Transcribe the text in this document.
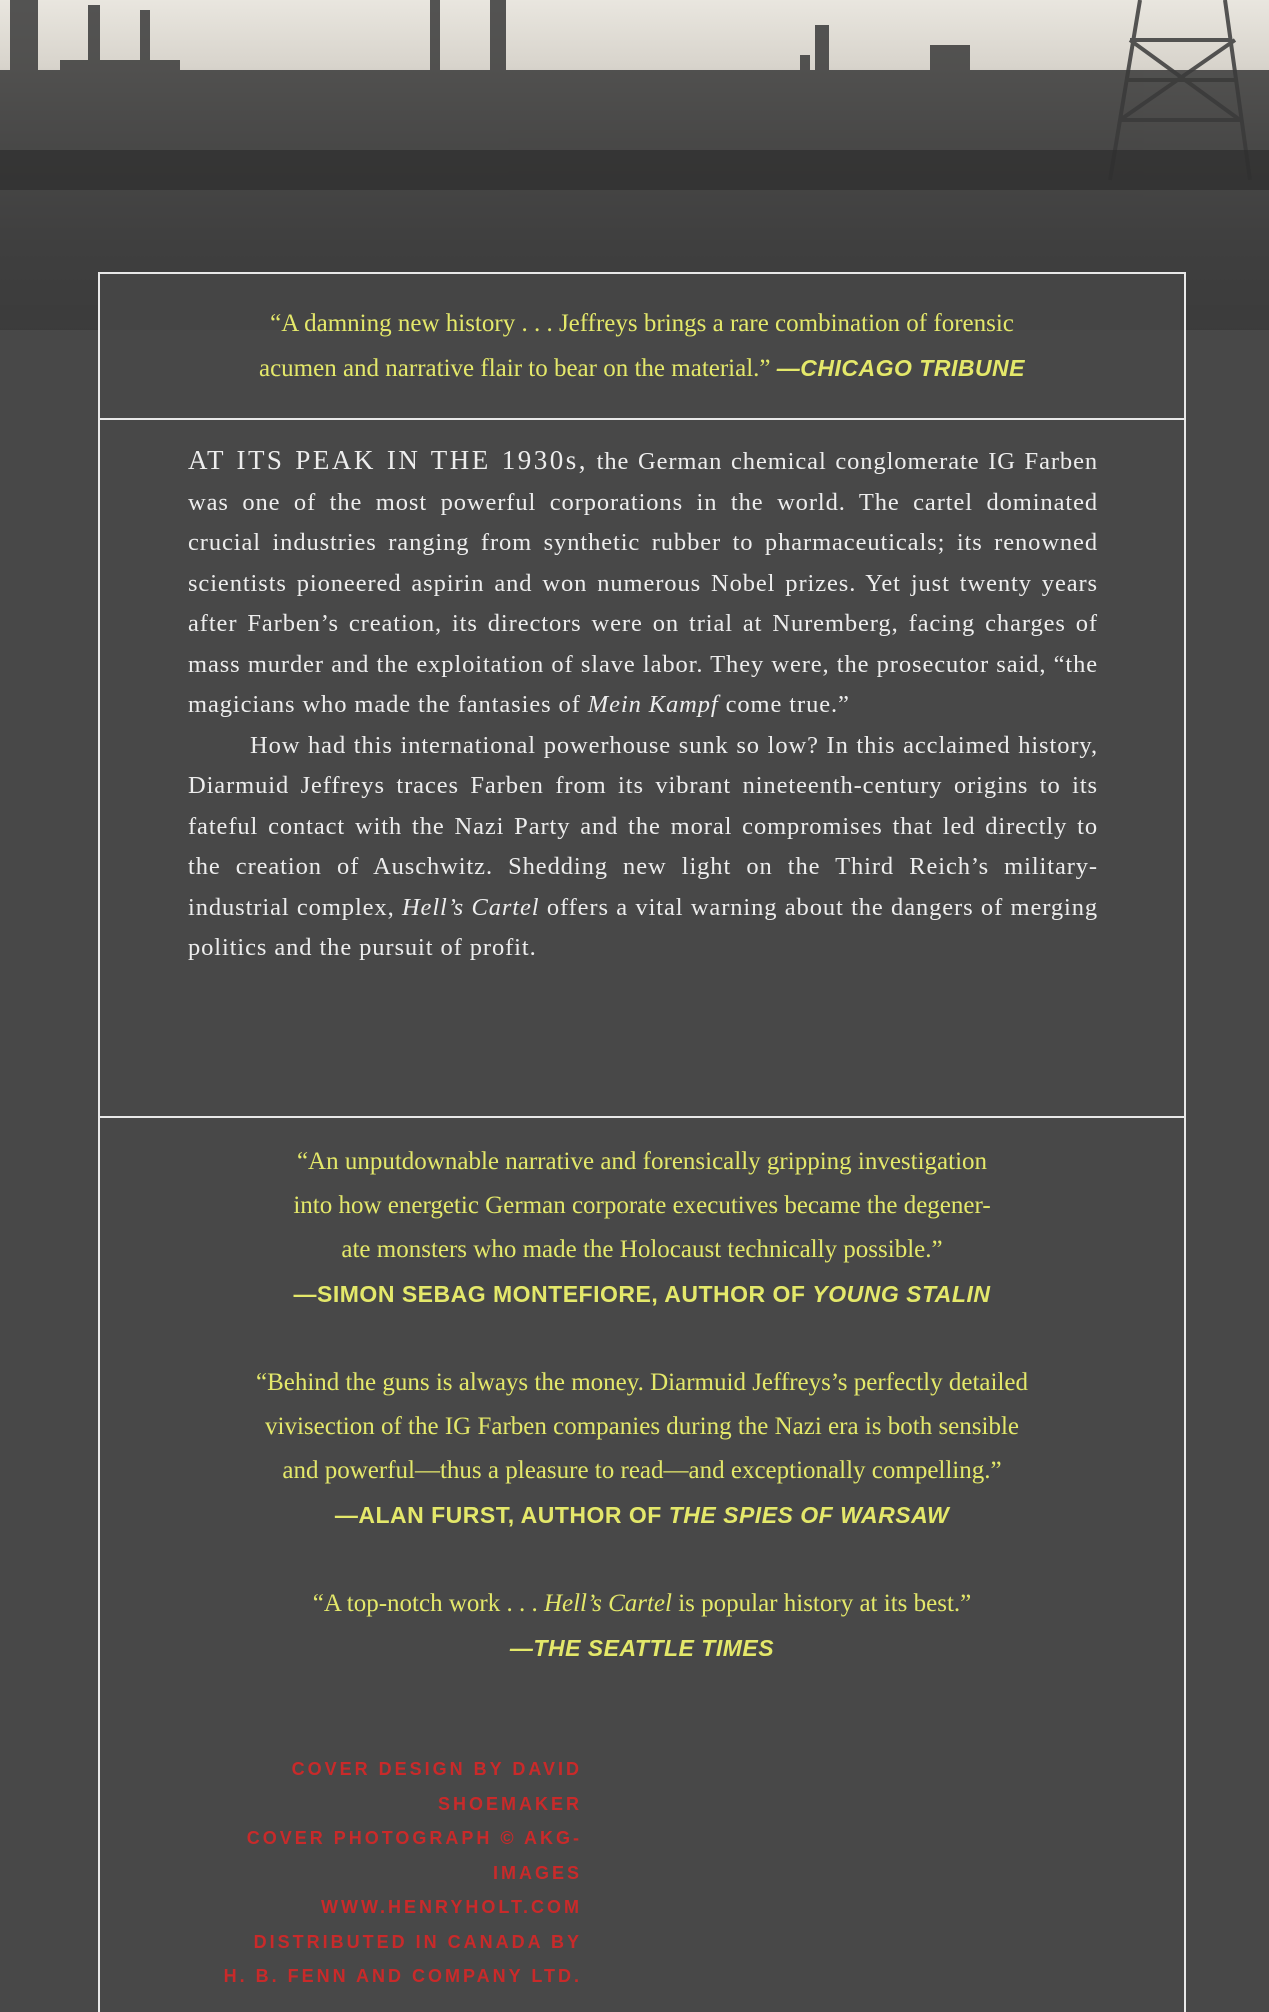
“A damning new history . . . Jeffreys brings a rare combination of forensic
acumen and narrative flair to bear on the material.” —CHICAGO TRIBUNE

AT ITS PEAK IN THE 1930s, the German chemical conglomerate IG Farben was one of the most powerful corporations in the world. The cartel dominated crucial industries ranging from synthetic rubber to pharmaceuticals; its renowned scientists pioneered aspirin and won numerous Nobel prizes. Yet just twenty years after Farben’s creation, its directors were on trial at Nuremberg, facing charges of mass murder and the exploitation of slave labor. They were, the prosecutor said, “the magicians who made the fantasies of Mein Kampf come true.”

How had this international powerhouse sunk so low? In this acclaimed history, Diarmuid Jeffreys traces Farben from its vibrant nineteenth-century origins to its fateful contact with the Nazi Party and the moral compromises that led directly to the creation of Auschwitz. Shedding new light on the Third Reich’s military-industrial complex, Hell’s Cartel offers a vital warning about the dangers of merging politics and the pursuit of profit.

“An unputdownable narrative and forensically gripping investigation
into how energetic German corporate executives became the degener-
ate monsters who made the Holocaust technically possible.”
—SIMON SEBAG MONTEFIORE, AUTHOR OF YOUNG STALIN
“Behind the guns is always the money. Diarmuid Jeffreys’s perfectly detailed
vivisection of the IG Farben companies during the Nazi era is both sensible
and powerful—thus a pleasure to read—and exceptionally compelling.”
—ALAN FURST, AUTHOR OF THE SPIES OF WARSAW
“A top-notch work . . . Hell’s Cartel is popular history at its best.”
—THE SEATTLE TIMES
COVER DESIGN BY DAVID SHOEMAKER
COVER PHOTOGRAPH © AKG-IMAGES
WWW.HENRYHOLT.COM
DISTRIBUTED IN CANADA BY
H. B. FENN AND COMPANY LTD.
